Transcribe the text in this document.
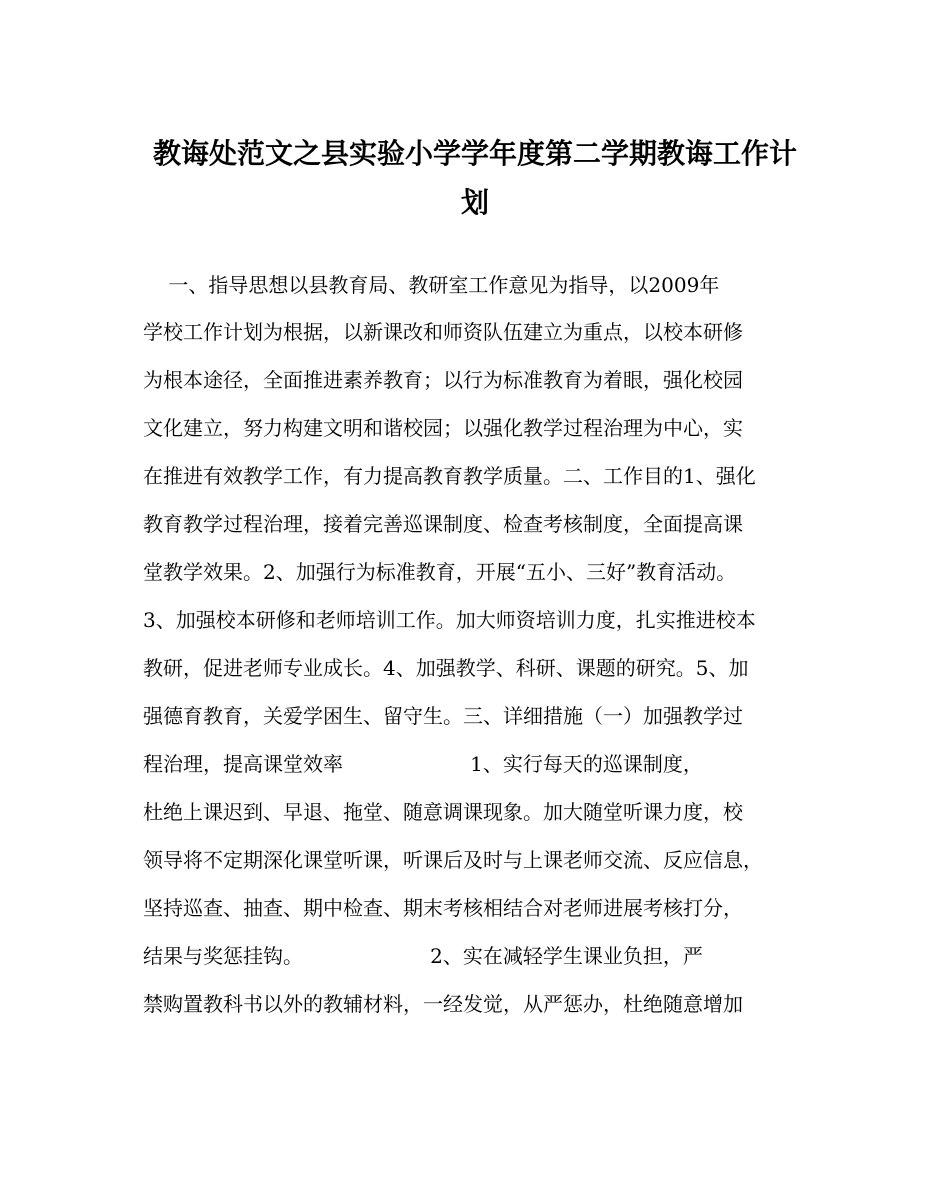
教诲处范文之县实验小学学年度第二学期教诲工作计
划
一、指导思想以县教育局、教研室工作意见为指导，以2009年
学校工作计划为根据，以新课改和师资队伍建立为重点，以校本研修
为根本途径，全面推进素养教育；以行为标准教育为着眼，强化校园
文化建立，努力构建文明和谐校园；以强化教学过程治理为中心，实
在推进有效教学工作，有力提高教育教学质量。二、工作目的1、强化
教育教学过程治理，接着完善巡课制度、检查考核制度，全面提高课
堂教学效果。2、加强行为标准教育，开展“五小、三好”教育活动。
3、加强校本研修和老师培训工作。加大师资培训力度，扎实推进校本
教研，促进老师专业成长。4、加强教学、科研、课题的研究。5、加
强德育教育，关爱学困生、留守生。三、详细措施（一）加强教学过
程治理，提高课堂效率                    1、实行每天的巡课制度，
杜绝上课迟到、早退、拖堂、随意调课现象。加大随堂听课力度，校
领导将不定期深化课堂听课，听课后及时与上课老师交流、反应信息，
坚持巡查、抽查、期中检查、期末考核相结合对老师进展考核打分，
结果与奖惩挂钩。                    2、实在减轻学生课业负担，严
禁购置教科书以外的教辅材料，一经发觉，从严惩办，杜绝随意增加
